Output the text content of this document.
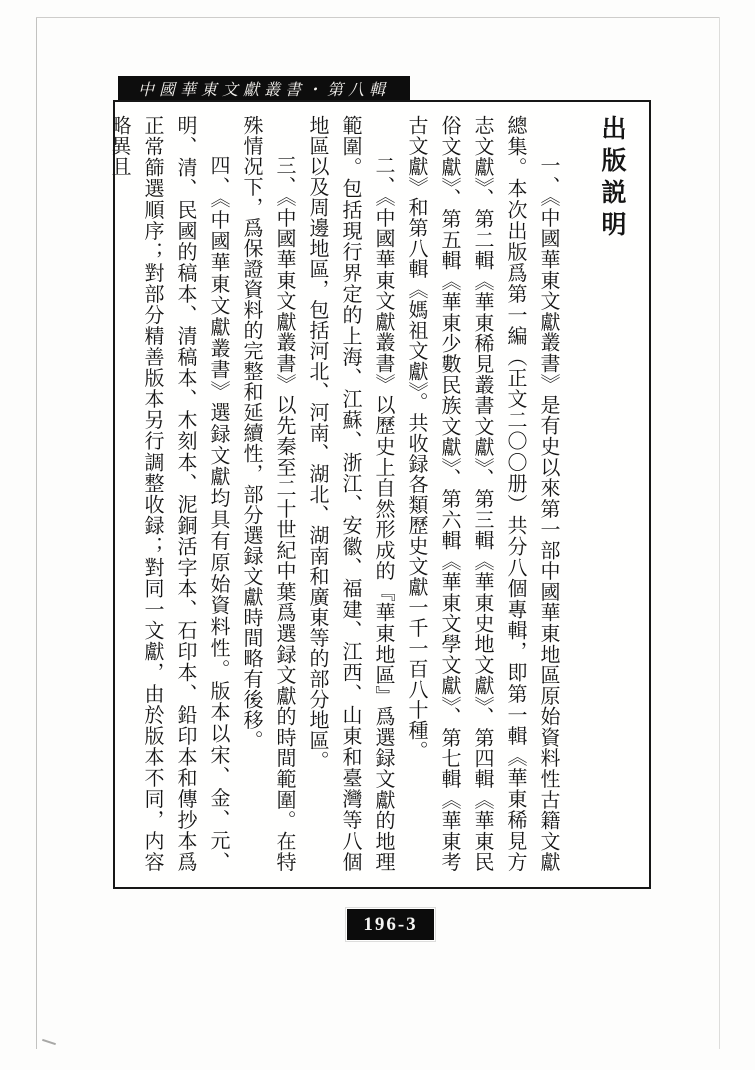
中國華東文獻叢書・第八輯
出版説明

一、《中國華東文獻叢書》是有史以來第一部中國華東地區原始資料性古籍文獻總集。本次出版爲第一編（正文二〇〇册）共分八個專輯，即第一輯《華東稀見方志文獻》、第二輯《華東稀見叢書文獻》、第三輯《華東史地文獻》、第四輯《華東民俗文獻》、第五輯《華東少數民族文獻》、第六輯《華東文學文獻》、第七輯《華東考古文獻》和第八輯《媽祖文獻》。共收録各類歷史文獻一千一百八十種。

二、《中國華東文獻叢書》以歷史上自然形成的『華東地區』爲選録文獻的地理範圍。包括現行界定的上海、江蘇、浙江、安徽、福建、江西、山東和臺灣等八個地區以及周邊地區，包括河北、河南、湖北、湖南和廣東等的部分地區。

三、《中國華東文獻叢書》以先秦至二十世紀中葉爲選録文獻的時間範圍。在特殊情况下，爲保證資料的完整和延續性，部分選録文獻時間略有後移。

四、《中國華東文獻叢書》選録文獻均具有原始資料性。版本以宋、金、元、明、清、民國的稿本、清稿本、木刻本、泥銅活字本、石印本、鉛印本和傳抄本爲正常篩選順序；對部分精善版本另行調整收録；對同一文獻，由於版本不同，内容略異且

196-3
